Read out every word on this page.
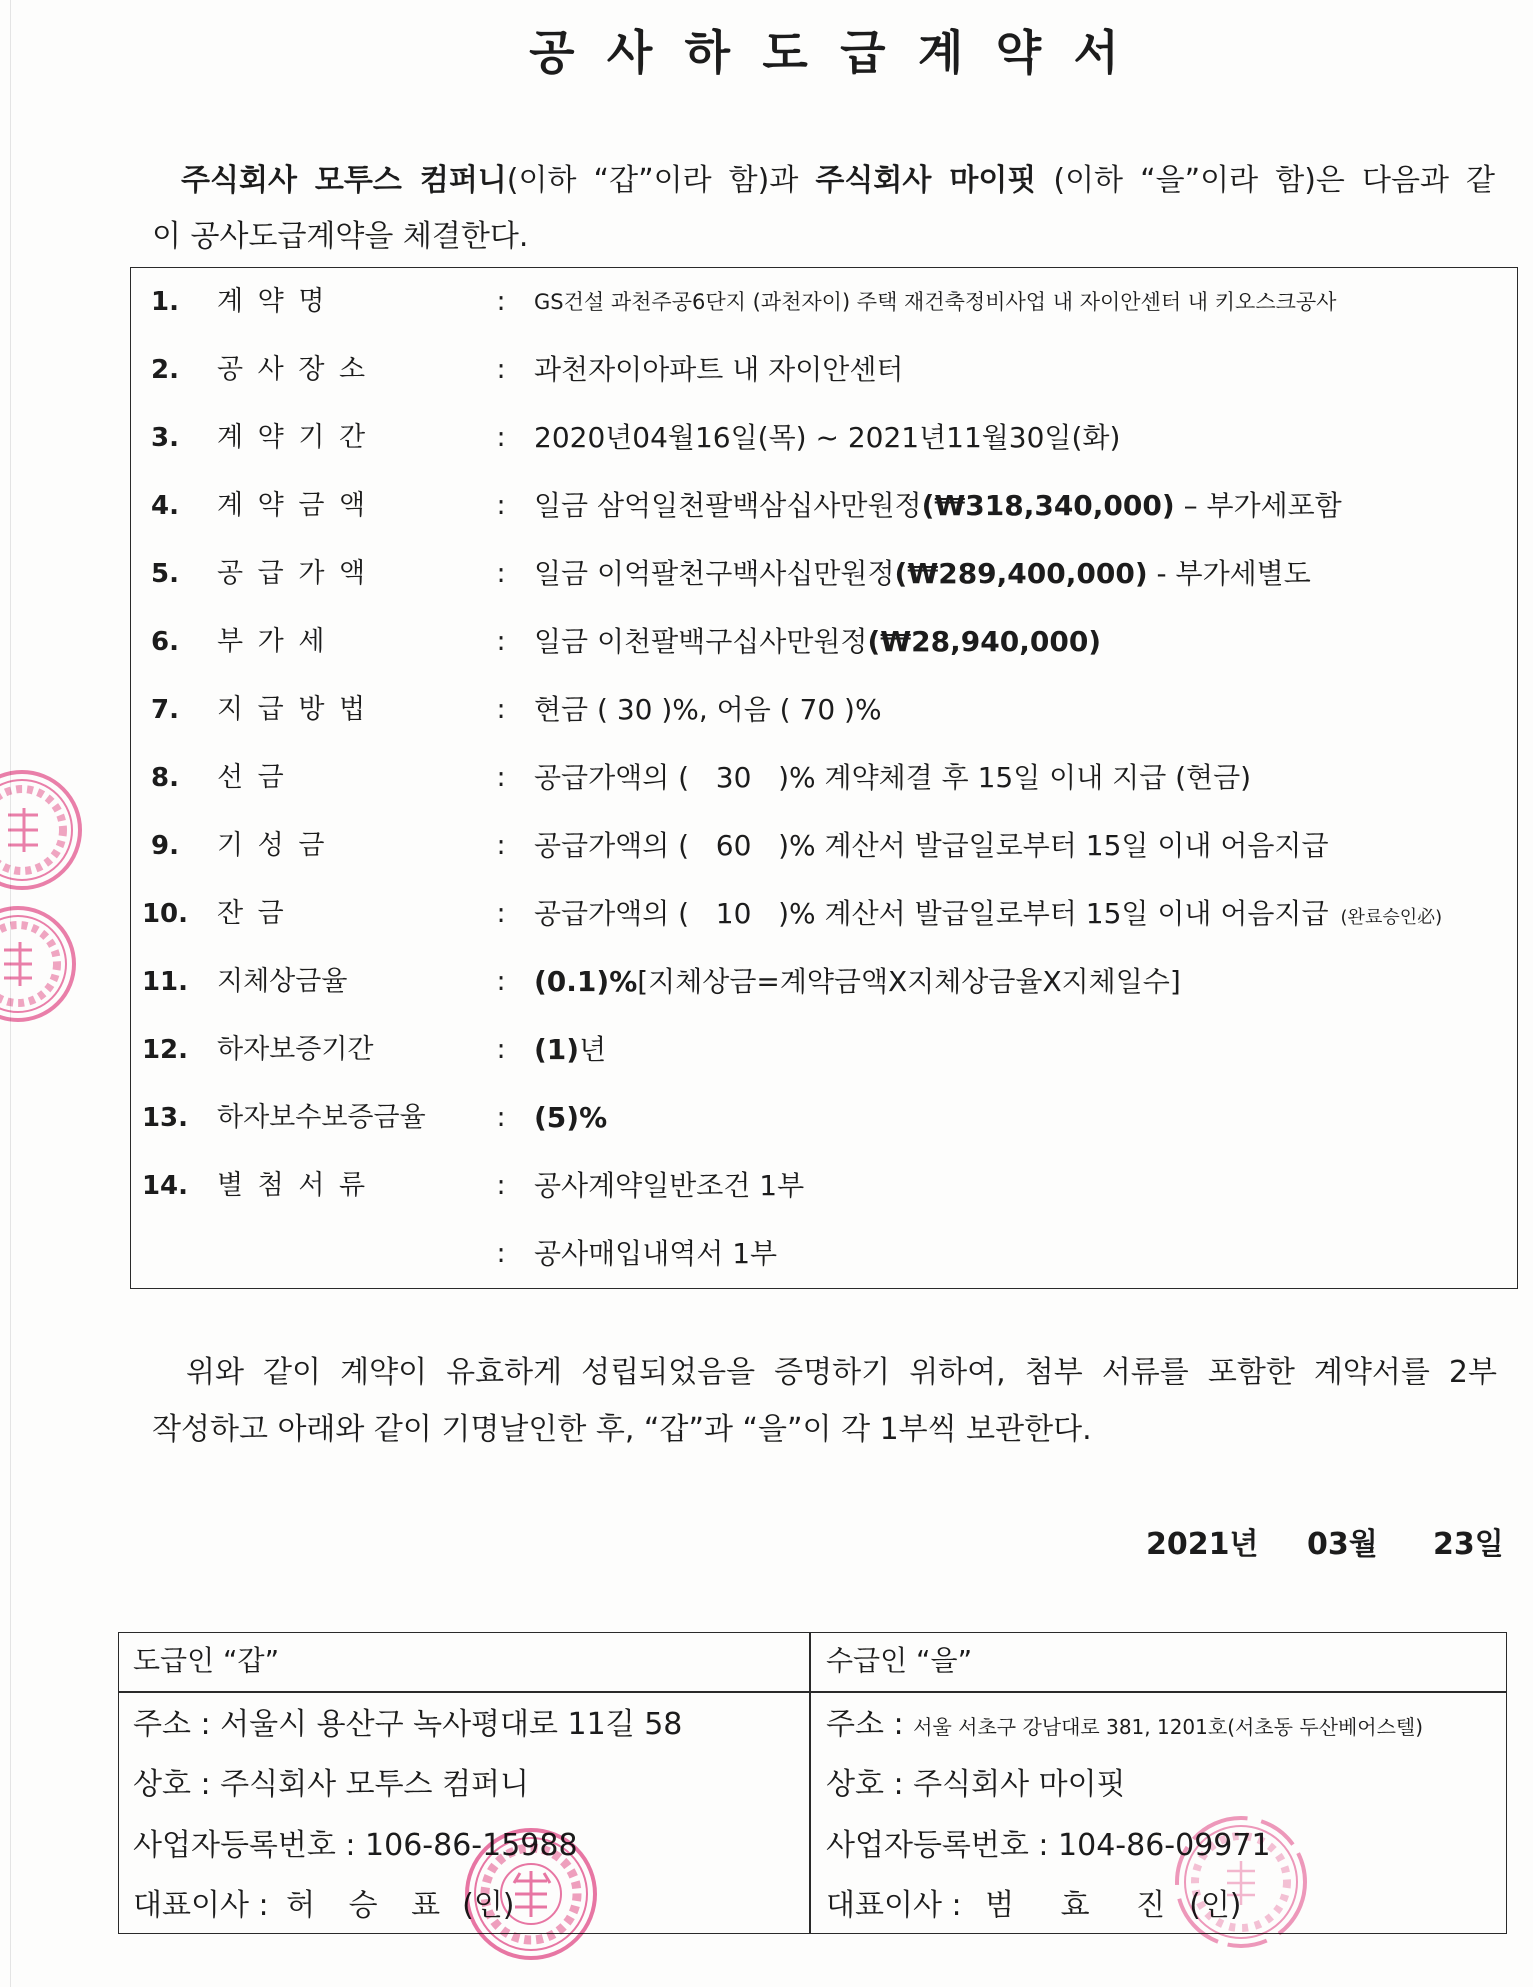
공 사 하 도 급 계 약 서
주식회사 모투스 컴퍼니(이하 “갑”이라 함)과 주식회사 마이핏 (이하 “을”이라 함)은 다음과 같
이 공사도급계약을 체결한다.
1.	계 약 명	: GS건설 과천주공6단지 (과천자이) 주택 재건축정비사업 내 자이안센터 내 키오스크공사
2.	공 사 장 소	: 과천자이아파트 내 자이안센터
3.	계 약 기 간	: 2020년04월16일(목) ~ 2021년11월30일(화)
4.	계 약 금 액	: 일금 삼억일천팔백삼십사만원정(₩318,340,000) – 부가세포함
5.	공 급 가 액	: 일금 이억팔천구백사십만원정(₩289,400,000) - 부가세별도
6.	부 가 세	: 일금 이천팔백구십사만원정(₩28,940,000)
7.	지 급 방 법	: 현금 ( 30 )%, 어음 ( 70 )%
8.	선 금	: 공급가액의 (   30   )% 계약체결 후 15일 이내 지급 (현금)
9.	기 성 금	: 공급가액의 (   60   )% 계산서 발급일로부터 15일 이내 어음지급
10. 잔 금	: 공급가액의 (   10   )% 계산서 발급일로부터 15일 이내 어음지급 (완료승인必)
11. 지체상금율	: (0.1)%[지체상금=계약금액X지체상금율X지체일수]
12. 하자보증기간	: (1)년
13. 하자보수보증금율	: (5)%
14. 별 첨 서 류	: 공사계약일반조건 1부
: 공사매입내역서 1부
위와 같이 계약이 유효하게 성립되었음을 증명하기 위하여, 첨부 서류를 포함한 계약서를 2부
작성하고 아래와 같이 기명날인한 후, “갑”과 “을”이 각 1부씩 보관한다.
2021년 03월 23일
도급인 “갑”
주소 : 서울시 용산구 녹사평대로 11길 58
상호 : 주식회사 모투스 컴퍼니
사업자등록번호 : 106-86-15988
대표이사 : 허 승 표 (인)
수급인 “을”
주소 : 서울 서초구 강남대로 381, 1201호(서초동 두산베어스텔)
상호 : 주식회사 마이핏
사업자등록번호 : 104-86-09971
대표이사 : 범 효 진 (인)
